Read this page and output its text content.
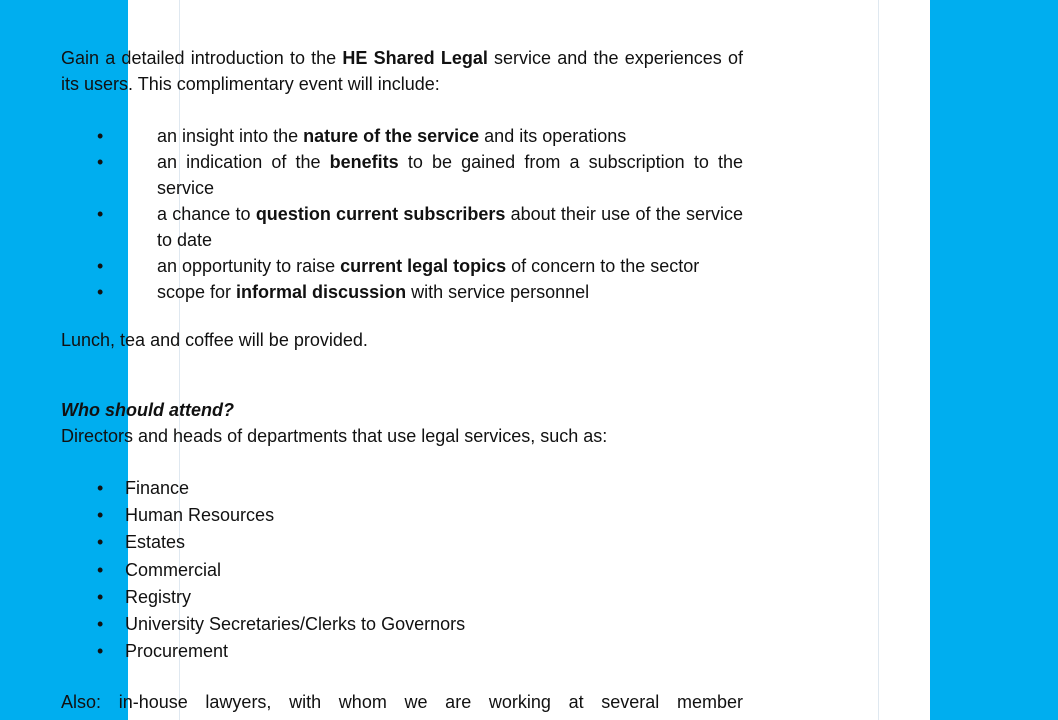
Gain a detailed introduction to the HE Shared Legal service and the experiences of its users. This complimentary event will include:

•	an insight into the nature of the service and its operations
•	an indication of the benefits to be gained from a subscription to the service
•	a chance to question current subscribers about their use of the service to date
•	an opportunity to raise current legal topics of concern to the sector
•	scope for informal discussion with service personnel

Lunch, tea and coffee will be provided.

Who should attend?

Directors and heads of departments that use legal services, such as:

• Finance
• Human Resources
• Estates
• Commercial
• Registry
• University Secretaries/Clerks to Governors
• Procurement

Also: in-house lawyers, with whom we are working at several member
